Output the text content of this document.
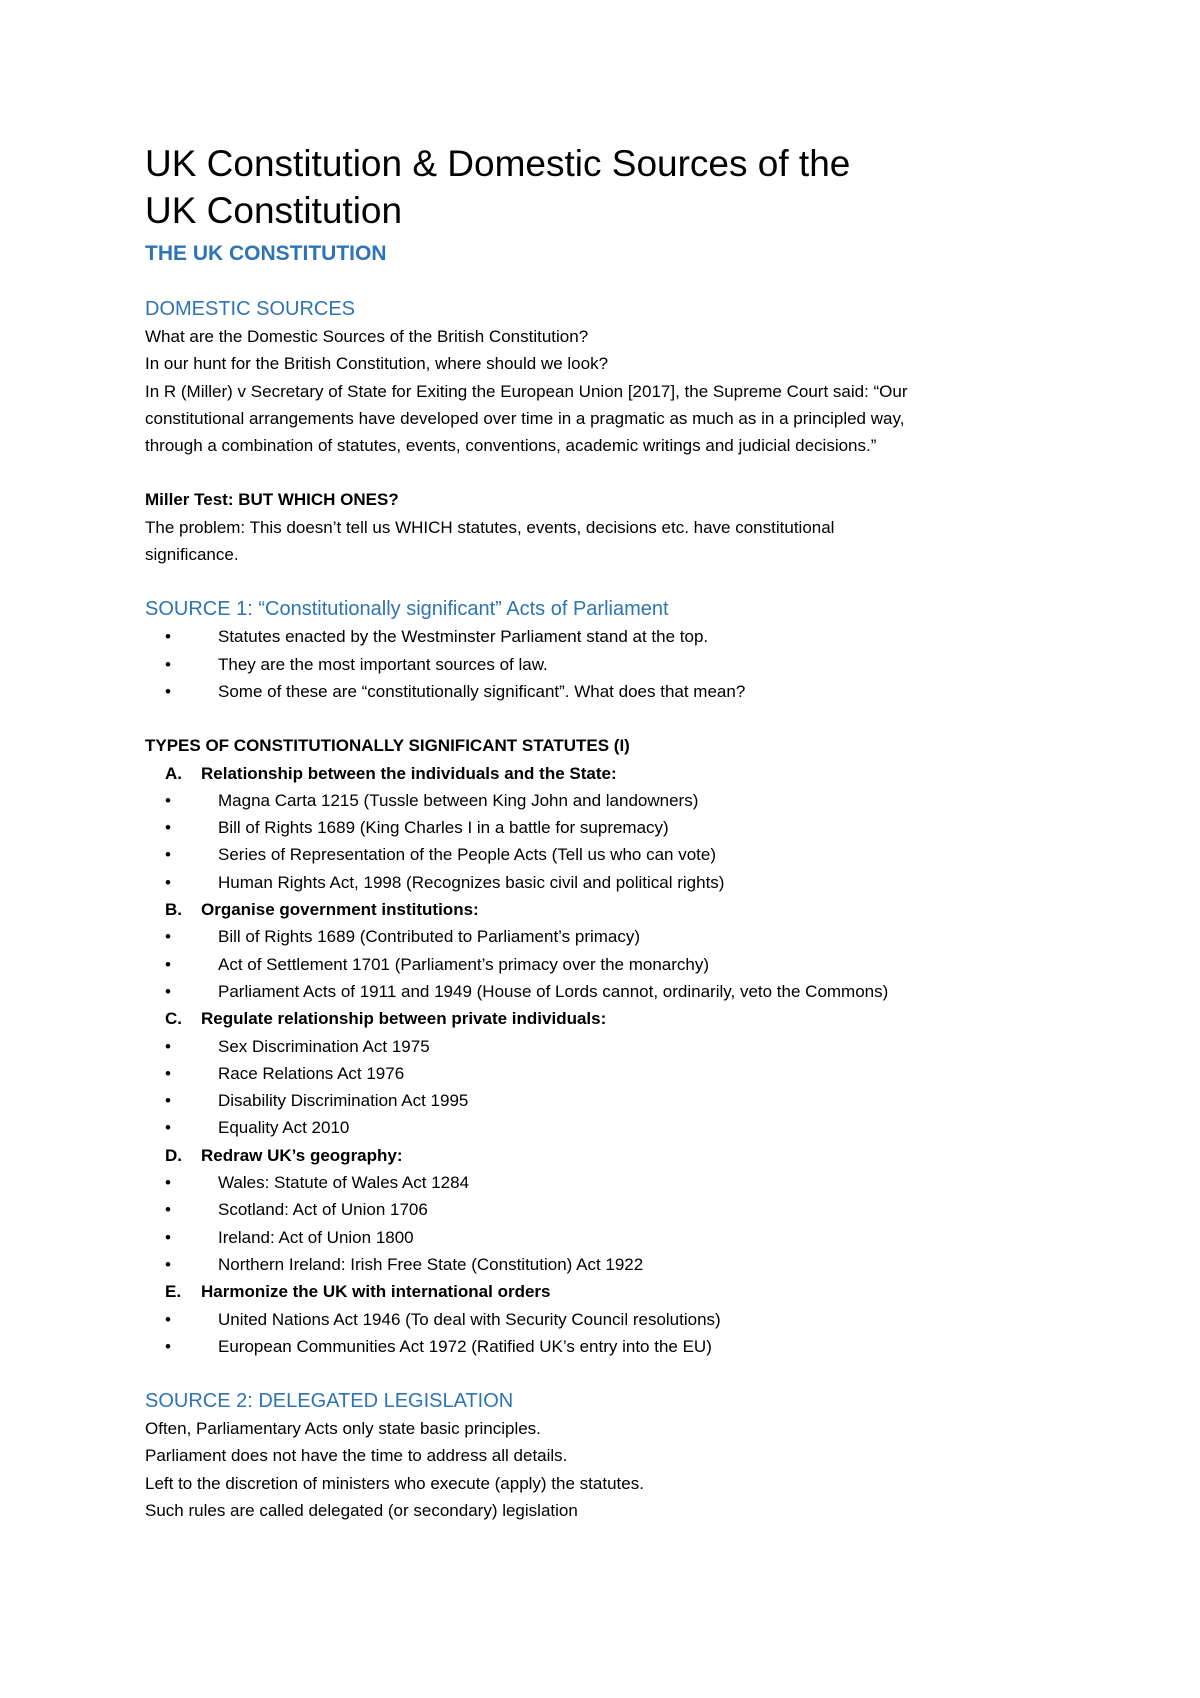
UK Constitution & Domestic Sources of the
UK Constitution
THE UK CONSTITUTION
DOMESTIC SOURCES
What are the Domestic Sources of the British Constitution?
In our hunt for the British Constitution, where should we look?
In R (Miller) v Secretary of State for Exiting the European Union [2017], the Supreme Court said: “Our
constitutional arrangements have developed over time in a pragmatic as much as in a principled way,
through a combination of statutes, events, conventions, academic writings and judicial decisions.”
Miller Test: BUT WHICH ONES?
The problem: This doesn’t tell us WHICH statutes, events, decisions etc. have constitutional
significance.
SOURCE 1: “Constitutionally significant” Acts of Parliament
•	Statutes enacted by the Westminster Parliament stand at the top.
•	They are the most important sources of law.
•	Some of these are “constitutionally significant”. What does that mean?
TYPES OF CONSTITUTIONALLY SIGNIFICANT STATUTES (I)
A. Relationship between the individuals and the State:
•	Magna Carta 1215 (Tussle between King John and landowners)
•	Bill of Rights 1689 (King Charles I in a battle for supremacy)
•	Series of Representation of the People Acts (Tell us who can vote)
•	Human Rights Act, 1998 (Recognizes basic civil and political rights)
B. Organise government institutions:
•	Bill of Rights 1689 (Contributed to Parliament’s primacy)
•	Act of Settlement 1701 (Parliament’s primacy over the monarchy)
•	Parliament Acts of 1911 and 1949 (House of Lords cannot, ordinarily, veto the Commons)
C. Regulate relationship between private individuals:
•	Sex Discrimination Act 1975
•	Race Relations Act 1976
•	Disability Discrimination Act 1995
•	Equality Act 2010
D. Redraw UK’s geography:
•	Wales: Statute of Wales Act 1284
•	Scotland: Act of Union 1706
•	Ireland: Act of Union 1800
•	Northern Ireland: Irish Free State (Constitution) Act 1922
E. Harmonize the UK with international orders
•	United Nations Act 1946 (To deal with Security Council resolutions)
•	European Communities Act 1972 (Ratified UK’s entry into the EU)
SOURCE 2: DELEGATED LEGISLATION
Often, Parliamentary Acts only state basic principles.
Parliament does not have the time to address all details.
Left to the discretion of ministers who execute (apply) the statutes.
Such rules are called delegated (or secondary) legislation
